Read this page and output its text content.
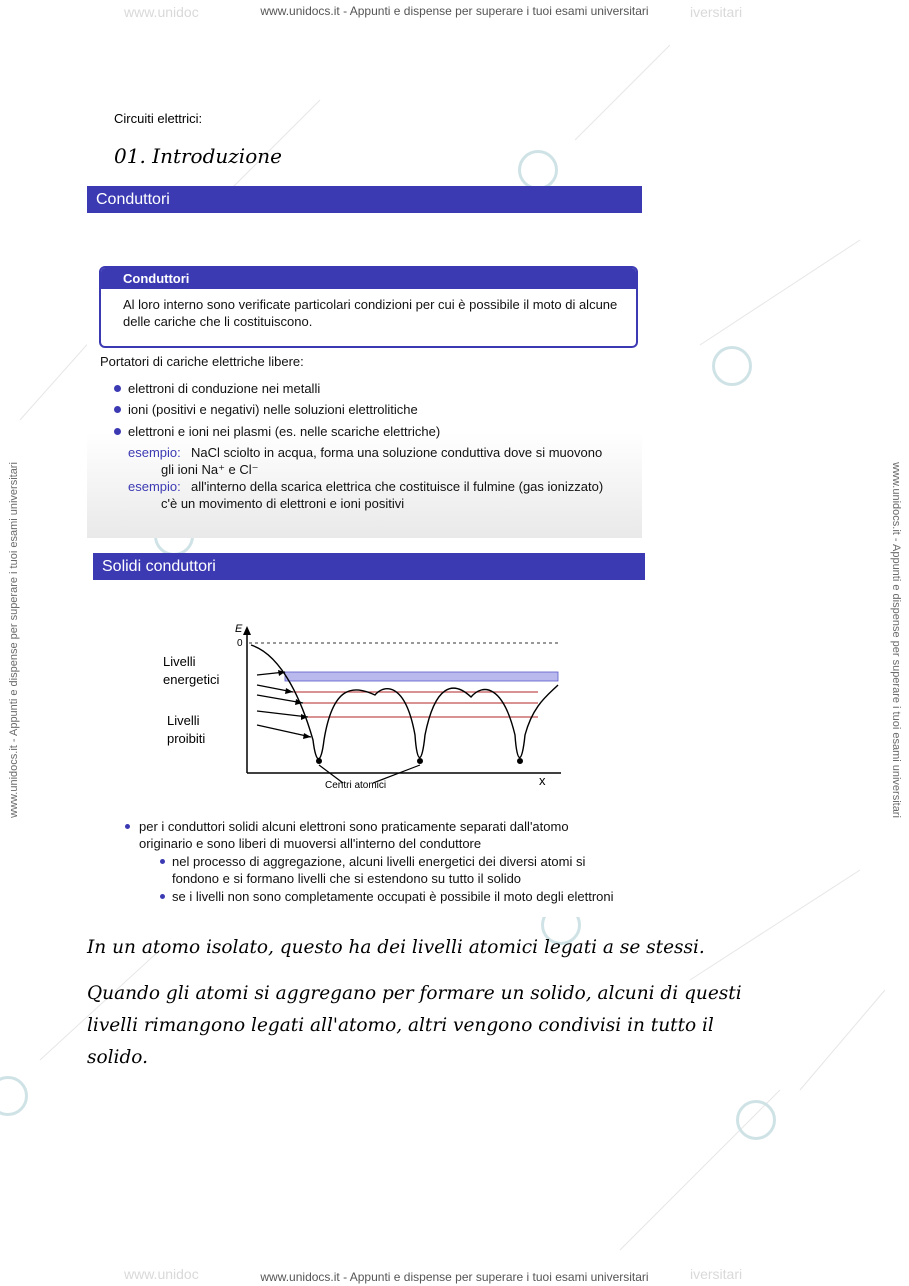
www.unidoc	iversitari
www.unidocs.it - Appunti e dispense per superare i tuoi esami universitari
www.unidoc	iversitari
www.unidocs.it - Appunti e dispense per superare i tuoi esami universitari
www.unidocs.it - Appunti e dispense per superare i tuoi esami universitari	www.unidocs.it - Appunti e dispense per superare i tuoi esami universitari
Circuiti elettrici:
01. Introduzione
Conduttori
Conduttori
Al loro interno sono verificate particolari condizioni per cui è possibile il moto di alcune delle cariche che li costituiscono.
Portatori di cariche elettriche libere:
elettroni di conduzione nei metalli
ioni (positivi e negativi) nelle soluzioni elettrolitiche
elettroni e ioni nei plasmi (es. nelle scariche elettriche)
esempio: NaCl sciolto in acqua, forma una soluzione conduttiva dove si muovono
gli ioni Na⁺ e Cl⁻
esempio: all'interno della scarica elettrica che costituisce il fulmine (gas ionizzato)
c'è un movimento di elettroni e ioni positivi
Solidi conduttori
E
0
x
Livelli
energetici
Livelli
proibiti
Centri atomici
per i conduttori solidi alcuni elettroni sono praticamente separati dall'atomo
originario e sono liberi di muoversi all'interno del conduttore
nel processo di aggregazione, alcuni livelli energetici dei diversi atomi si
fondono e si formano livelli che si estendono su tutto il solido
se i livelli non sono completamente occupati è possibile il moto degli elettroni
In un atomo isolato, questo ha dei livelli atomici legati a se stessi.
Quando gli atomi si aggregano per formare un solido, alcuni di questi
livelli rimangono legati all'atomo, altri vengono condivisi in tutto il
solido.
